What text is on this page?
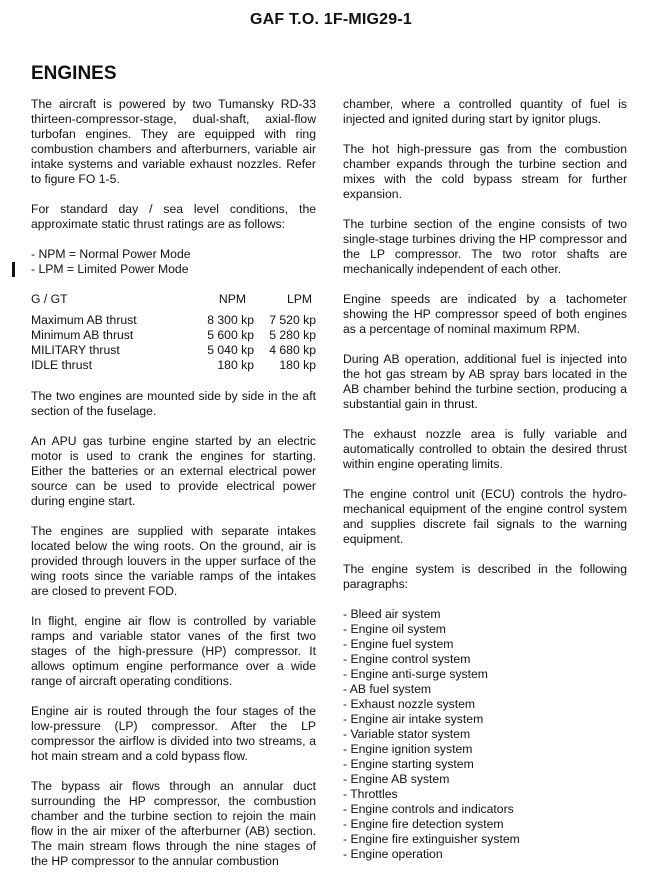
GAF T.O. 1F-MIG29-1
ENGINES

The aircraft is powered by two Tumansky RD-33 thirteen-compressor-stage, dual-shaft, axial-flow turbofan engines. They are equipped with ring combustion chambers and afterburners, variable air intake systems and variable exhaust nozzles. Refer to figure FO 1-5.

For standard day / sea level conditions, the approximate static thrust ratings are as follows:

- NPM = Normal Power Mode
- LPM = Limited Power Mode
G / GT	NPM	LPM
Maximum AB thrust	8 300 kp	7 520 kp
Minimum AB thrust	5 600 kp	5 280 kp
MILITARY thrust	5 040 kp	4 680 kp
IDLE thrust	180 kp	180 kp

The two engines are mounted side by side in the aft section of the fuselage.

An APU gas turbine engine started by an electric motor is used to crank the engines for starting. Either the batteries or an external electrical power source can be used to provide electrical power during engine start.

The engines are supplied with separate intakes located below the wing roots. On the ground, air is provided through louvers in the upper surface of the wing roots since the variable ramps of the intakes are closed to prevent FOD.

In flight, engine air flow is controlled by variable ramps and variable stator vanes of the first two stages of the high-pressure (HP) compressor. It allows optimum engine performance over a wide range of aircraft operating conditions.

Engine air is routed through the four stages of the low-pressure (LP) compressor. After the LP compressor the airflow is divided into two streams, a hot main stream and a cold bypass flow.

The bypass air flows through an annular duct surrounding the HP compressor, the combustion chamber and the turbine section to rejoin the main flow in the air mixer of the afterburner (AB) section. The main stream flows through the nine stages of the HP compressor to the annular combustion

chamber, where a controlled quantity of fuel is injected and ignited during start by ignitor plugs.

The hot high-pressure gas from the combustion chamber expands through the turbine section and mixes with the cold bypass stream for further expansion.

The turbine section of the engine consists of two single-stage turbines driving the HP compressor and the LP compressor. The two rotor shafts are mechanically independent of each other.

Engine speeds are indicated by a tachometer showing the HP compressor speed of both engines as a percentage of nominal maximum RPM.

During AB operation, additional fuel is injected into the hot gas stream by AB spray bars located in the AB chamber behind the turbine section, producing a substantial gain in thrust.

The exhaust nozzle area is fully variable and automatically controlled to obtain the desired thrust within engine operating limits.

The engine control unit (ECU) controls the hydro-mechanical equipment of the engine control system and supplies discrete fail signals to the warning equipment.

The engine system is described in the following paragraphs:

- Bleed air system
- Engine oil system
- Engine fuel system
- Engine control system
- Engine anti-surge system
- AB fuel system
- Exhaust nozzle system
- Engine air intake system
- Variable stator system
- Engine ignition system
- Engine starting system
- Engine AB system
- Throttles
- Engine controls and indicators
- Engine fire detection system
- Engine fire extinguisher system
- Engine operation
